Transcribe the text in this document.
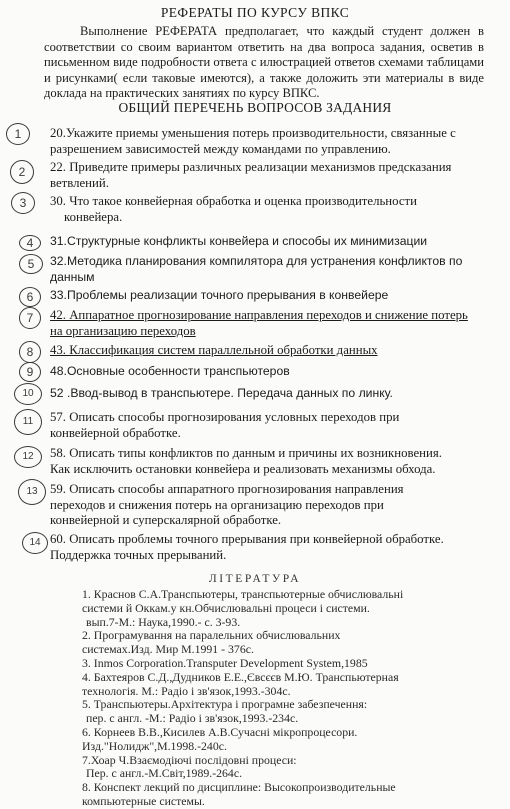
РЕФЕРАТЫ ПО КУРСУ ВПКС
Выполнение РЕФЕРАТА предполагает, что каждый студент должен в соответствии со своим вариантом ответить на два вопроса задания, осветив в письменном виде подробности ответа с илюстрацией ответов схемами таблицами и рисунками( если таковые имеются), а также доложить эти материалы в виде доклада на практических занятиях по курсу ВПКС.
ОБЩИЙ ПЕРЕЧЕНЬ ВОПРОСОВ ЗАДАНИЯ
1	20.Укажите приемы уменьшения потерь производительности, связанные с
разрешением зависимостей между командами по управлению.
2	22. Приведите примеры различных реализации механизмов предсказания
ветвлений.
3	30. Что такое конвейерная обработка и оценка производительности
конвейера.
4	31.Структурные конфликты конвейера и способы их минимизации
5	32.Методика планирования компилятора для устранения конфликтов по
данным
6	33.Проблемы реализации точного прерывания в конвейере
7	42. Аппаратное прогнозирование направления переходов и снижение потерь
на организацию переходов
8	43. Классификация систем параллельной обработки данных
9	48.Основные особенности транспьютеров
10	52 .Ввод-вывод в транспьютере. Передача данных по линку.
11	57. Описать способы прогнозирования условных переходов при
конвейерной обработке.
12	58. Описать типы конфликтов по данным и причины их возникновения.
Как исключить остановки конвейера и реализовать механизмы обхода.
13 59. Описать способы аппаратного прогнозирования направления
переходов и снижения потерь на организацию переходов при
конвейерной и суперскалярной обработке.
14 60. Описать проблемы точного прерывания при конвейерной обработке.
Поддержка точных прерываний.
ЛІТЕРАТУРА
1. Краснов С.А.Транспьютеры, транспьютерные обчислювальні
системи й Оккам.у кн.Обчислювальні процеси і системи.
вып.7-М.: Наука,1990.- с. 3-93.
2. Програмування на паралельних обчислювальних
системах.Изд. Мир М.1991 - 376с.
3. Inmos Corporation.Transputer Development System,1985
4. Бахтеяров С.Д.,Дудников Е.Е.,Євсєєв М.Ю. Транспьютерная
технологія. М.: Радіо і зв'язок,1993.-304с.
5. Транспьютеры.Архітектура і програмне забезпечення:
пер. с англ. -М.: Радіо і зв'язок,1993.-234с.
6. Корнеев В.В.,Кисилев А.В.Сучасні мікропроцесори.
Изд."Нолидж",М.1998.-240с.
7.Хоар Ч.Взаємодіючі послідовні процеси:
Пер. с англ.-М.Світ,1989.-264с.
8. Конспект лекций по дисциплине: Высокопроизводительные
компьютерные системы.
